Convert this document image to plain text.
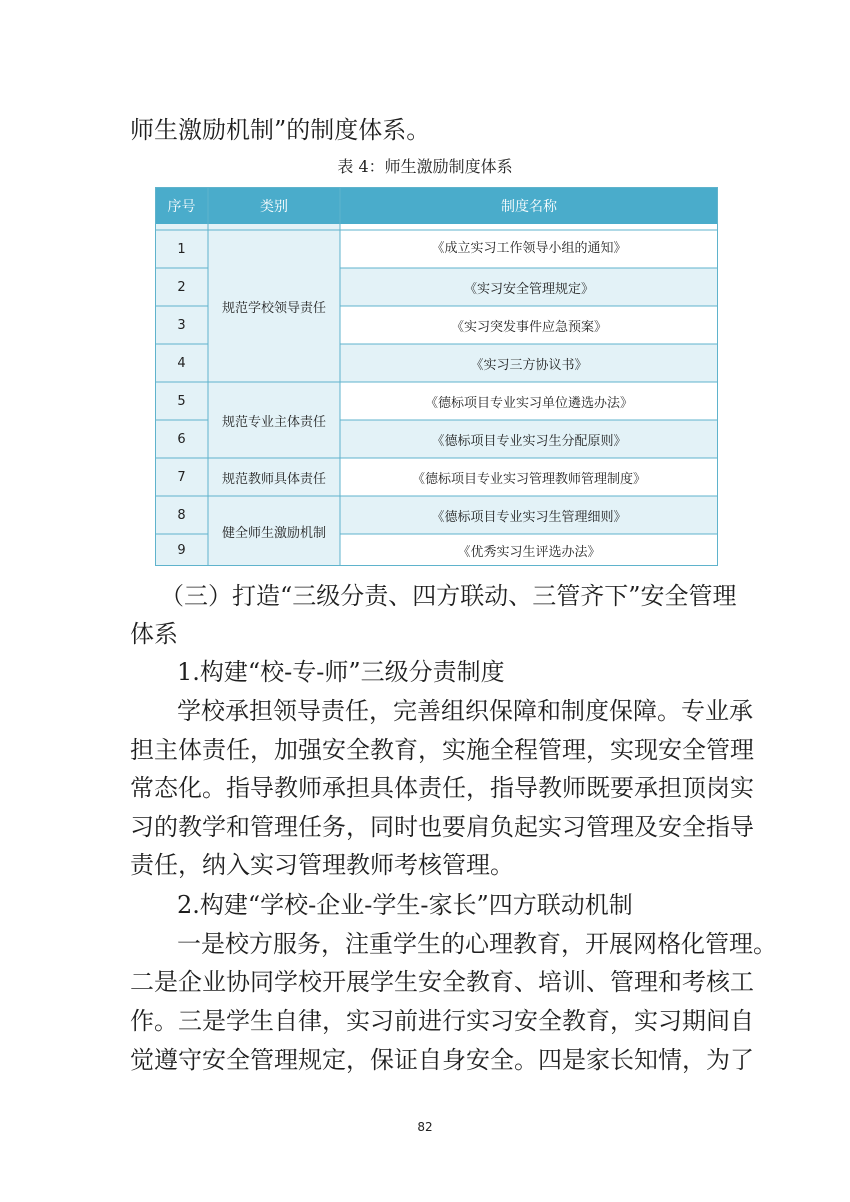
师生激励机制”的制度体系。
表 4：师生激励制度体系
序号	类别	制度名称
1
2
3
4
5
6
7
8
9
规范学校领导责任
规范专业主体责任
规范教师具体责任
健全师生激励机制
《成立实习工作领导小组的通知》
《实习安全管理规定》
《实习突发事件应急预案》
《实习三方协议书》
《德标项目专业实习单位遴选办法》
《德标项目专业实习生分配原则》
《德标项目专业实习管理教师管理制度》
《德标项目专业实习生管理细则》
《优秀实习生评选办法》
（三）打造“三级分责、四方联动、三管齐下”安全管理
体系
1.构建“校-专-师”三级分责制度
学校承担领导责任，完善组织保障和制度保障。专业承
担主体责任，加强安全教育，实施全程管理，实现安全管理
常态化。指导教师承担具体责任，指导教师既要承担顶岗实
习的教学和管理任务，同时也要肩负起实习管理及安全指导
责任，纳入实习管理教师考核管理。
2.构建“学校-企业-学生-家长”四方联动机制
一是校方服务，注重学生的心理教育，开展网格化管理。
二是企业协同学校开展学生安全教育、培训、管理和考核工
作。三是学生自律，实习前进行实习安全教育，实习期间自
觉遵守安全管理规定，保证自身安全。四是家长知情，为了
82
